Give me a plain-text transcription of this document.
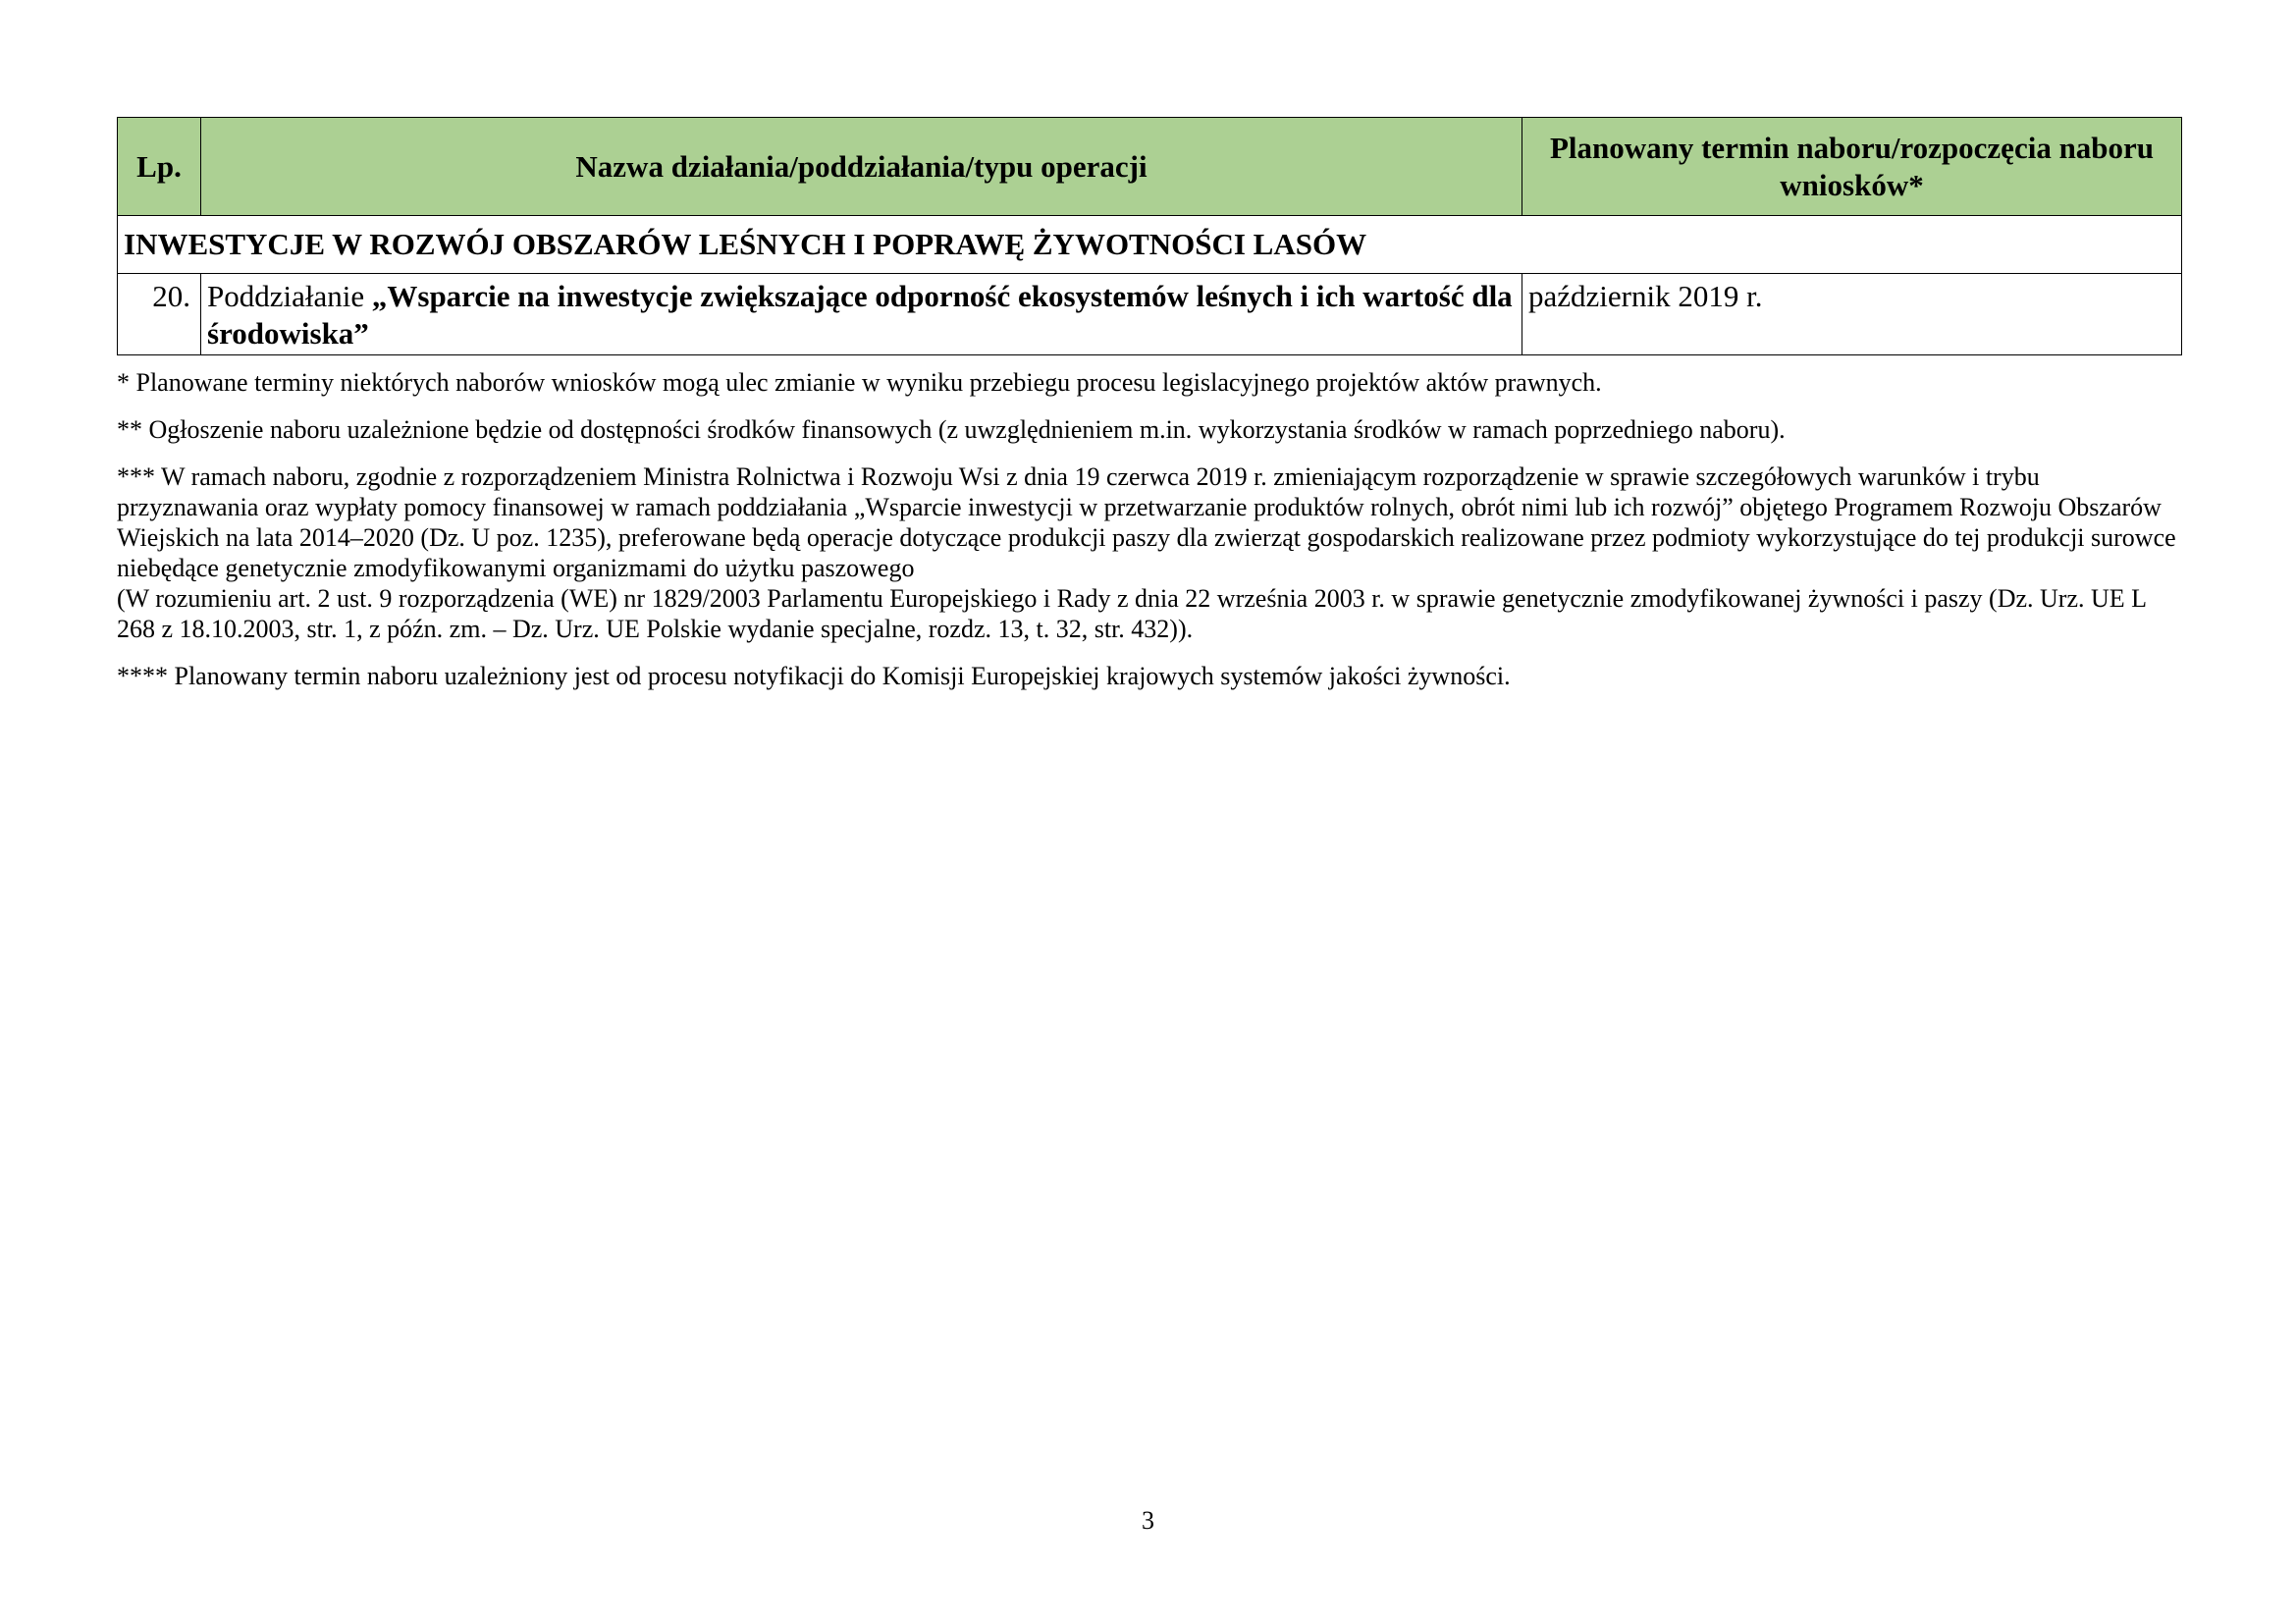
Lp.	Nazwa działania/poddziałania/typu operacji	Planowany termin naboru/rozpoczęcia naboru wniosków*
INWESTYCJE W ROZWÓJ OBSZARÓW LEŚNYCH I POPRAWĘ ŻYWOTNOŚCI LASÓW		
20.	Poddziałanie „Wsparcie na inwestycje zwiększające odporność ekosystemów leśnych i ich wartość dla środowiska”	październik 2019 r.

* Planowane terminy niektórych naborów wniosków mogą ulec zmianie w wyniku przebiegu procesu legislacyjnego projektów aktów prawnych.

** Ogłoszenie naboru uzależnione będzie od dostępności środków finansowych (z uwzględnieniem m.in. wykorzystania środków w ramach poprzedniego naboru).

*** W ramach naboru, zgodnie z rozporządzeniem Ministra Rolnictwa i Rozwoju Wsi z dnia 19 czerwca 2019 r. zmieniającym rozporządzenie w sprawie szczegółowych warunków i trybu przyznawania oraz wypłaty pomocy finansowej w ramach poddziałania „Wsparcie inwestycji w przetwarzanie produktów rolnych, obrót nimi lub ich rozwój” objętego Programem Rozwoju Obszarów Wiejskich na lata 2014–2020 (Dz. U poz. 1235), preferowane będą operacje dotyczące produkcji paszy dla zwierząt gospodarskich realizowane przez podmioty wykorzystujące do tej produkcji surowce niebędące genetycznie zmodyfikowanymi organizmami do użytku paszowego
(W rozumieniu art. 2 ust. 9 rozporządzenia (WE) nr 1829/2003 Parlamentu Europejskiego i Rady z dnia 22 września 2003 r. w sprawie genetycznie zmodyfikowanej żywności i paszy (Dz. Urz. UE L 268 z 18.10.2003, str. 1, z późn. zm. – Dz. Urz. UE Polskie wydanie specjalne, rozdz. 13, t. 32, str. 432)).

**** Planowany termin naboru uzależniony jest od procesu notyfikacji do Komisji Europejskiej krajowych systemów jakości żywności.

3
